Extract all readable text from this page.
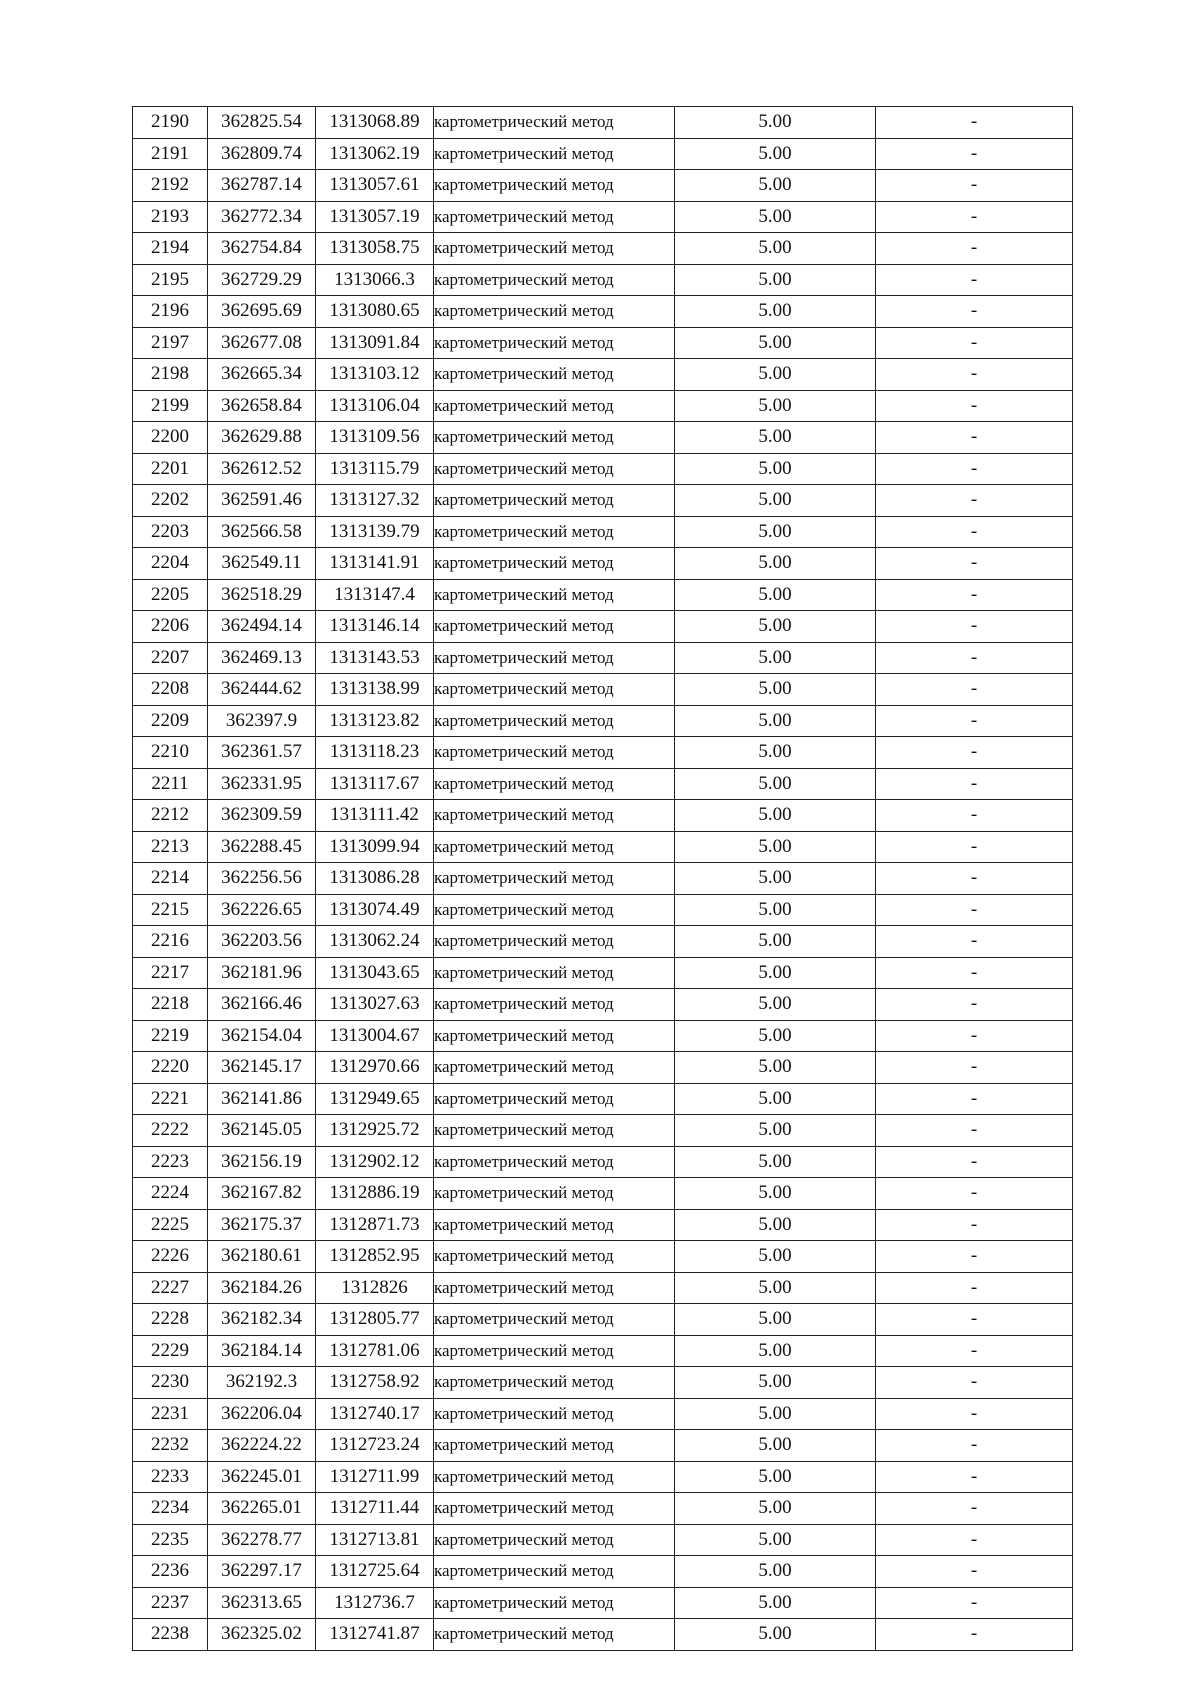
2190	362825.54	1313068.89	картометрический метод	5.00	-
2191	362809.74	1313062.19	картометрический метод	5.00	-
2192	362787.14	1313057.61	картометрический метод	5.00	-
2193	362772.34	1313057.19	картометрический метод	5.00	-
2194	362754.84	1313058.75	картометрический метод	5.00	-
2195	362729.29	1313066.3	картометрический метод	5.00	-
2196	362695.69	1313080.65	картометрический метод	5.00	-
2197	362677.08	1313091.84	картометрический метод	5.00	-
2198	362665.34	1313103.12	картометрический метод	5.00	-
2199	362658.84	1313106.04	картометрический метод	5.00	-
2200	362629.88	1313109.56	картометрический метод	5.00	-
2201	362612.52	1313115.79	картометрический метод	5.00	-
2202	362591.46	1313127.32	картометрический метод	5.00	-
2203	362566.58	1313139.79	картометрический метод	5.00	-
2204	362549.11	1313141.91	картометрический метод	5.00	-
2205	362518.29	1313147.4	картометрический метод	5.00	-
2206	362494.14	1313146.14	картометрический метод	5.00	-
2207	362469.13	1313143.53	картометрический метод	5.00	-
2208	362444.62	1313138.99	картометрический метод	5.00	-
2209	362397.9	1313123.82	картометрический метод	5.00	-
2210	362361.57	1313118.23	картометрический метод	5.00	-
2211	362331.95	1313117.67	картометрический метод	5.00	-
2212	362309.59	1313111.42	картометрический метод	5.00	-
2213	362288.45	1313099.94	картометрический метод	5.00	-
2214	362256.56	1313086.28	картометрический метод	5.00	-
2215	362226.65	1313074.49	картометрический метод	5.00	-
2216	362203.56	1313062.24	картометрический метод	5.00	-
2217	362181.96	1313043.65	картометрический метод	5.00	-
2218	362166.46	1313027.63	картометрический метод	5.00	-
2219	362154.04	1313004.67	картометрический метод	5.00	-
2220	362145.17	1312970.66	картометрический метод	5.00	-
2221	362141.86	1312949.65	картометрический метод	5.00	-
2222	362145.05	1312925.72	картометрический метод	5.00	-
2223	362156.19	1312902.12	картометрический метод	5.00	-
2224	362167.82	1312886.19	картометрический метод	5.00	-
2225	362175.37	1312871.73	картометрический метод	5.00	-
2226	362180.61	1312852.95	картометрический метод	5.00	-
2227	362184.26	1312826	картометрический метод	5.00	-
2228	362182.34	1312805.77	картометрический метод	5.00	-
2229	362184.14	1312781.06	картометрический метод	5.00	-
2230	362192.3	1312758.92	картометрический метод	5.00	-
2231	362206.04	1312740.17	картометрический метод	5.00	-
2232	362224.22	1312723.24	картометрический метод	5.00	-
2233	362245.01	1312711.99	картометрический метод	5.00	-
2234	362265.01	1312711.44	картометрический метод	5.00	-
2235	362278.77	1312713.81	картометрический метод	5.00	-
2236	362297.17	1312725.64	картометрический метод	5.00	-
2237	362313.65	1312736.7	картометрический метод	5.00	-
2238	362325.02	1312741.87	картометрический метод	5.00	-
